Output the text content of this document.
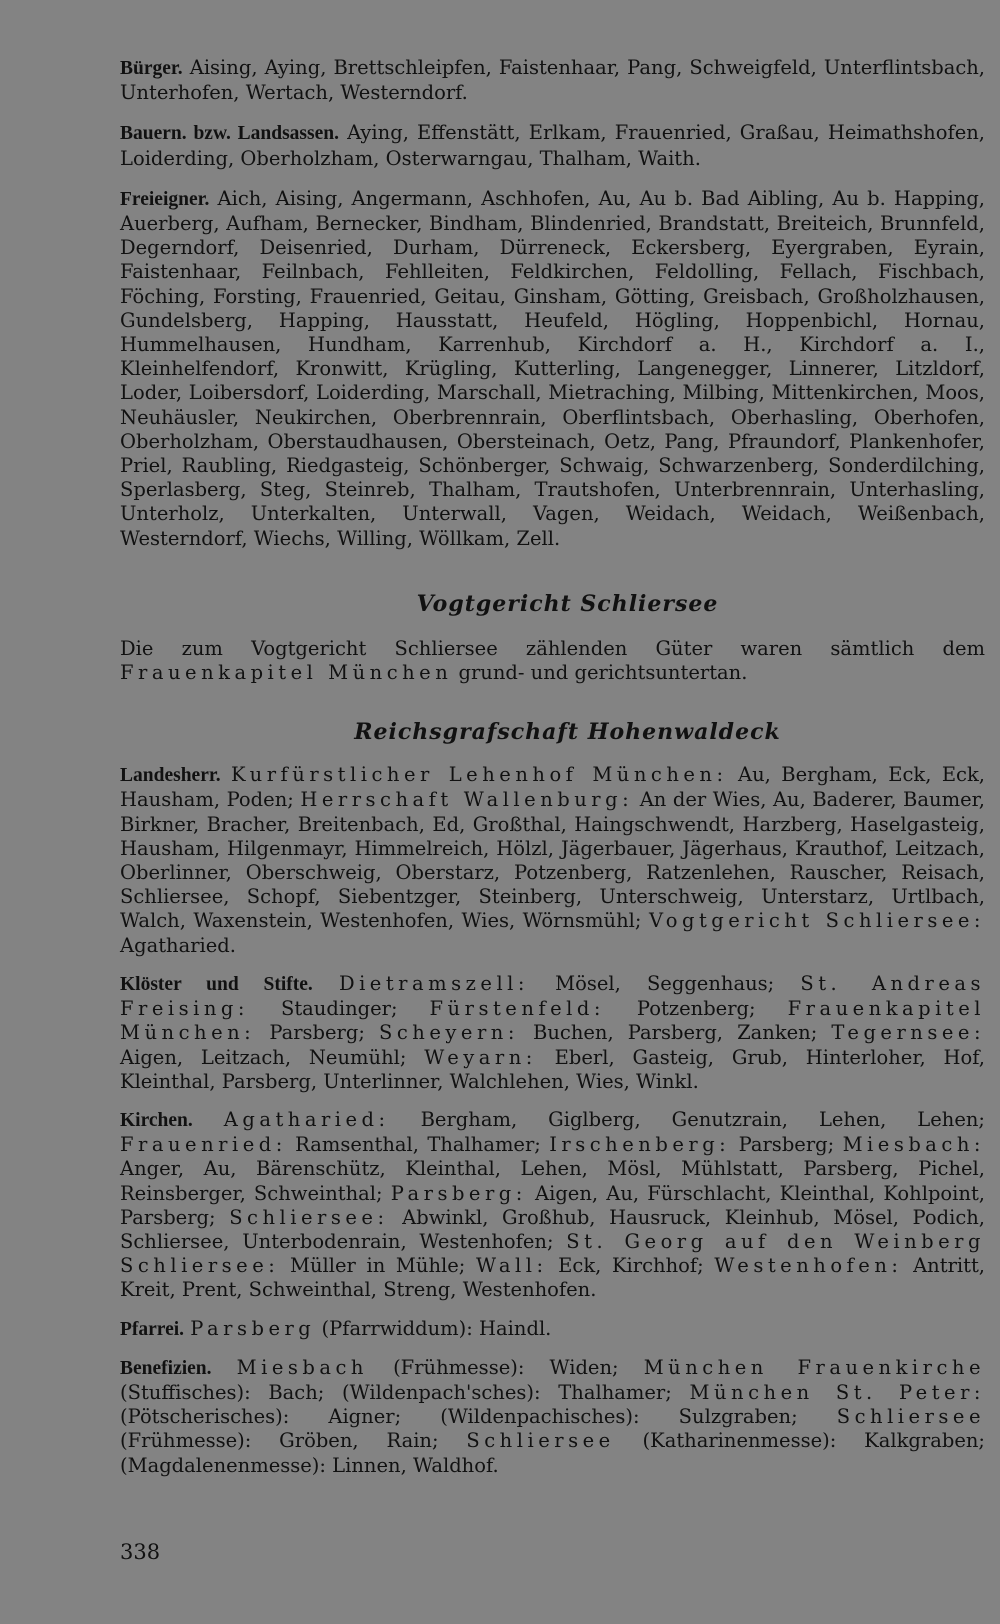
Bürger. Aising, Aying, Brettschleipfen, Faistenhaar, Pang, Schweigfeld, Unterflintsbach, Unterhofen, Wertach, Westerndorf.

Bauern. bzw. Landsassen. Aying, Effenstätt, Erlkam, Frauenried, Graßau, Heimathshofen, Loiderding, Oberholzham, Osterwarngau, Thalham, Waith.

Freieigner. Aich, Aising, Angermann, Aschhofen, Au, Au b. Bad Aibling, Au b. Happing, Auerberg, Aufham, Bernecker, Bindham, Blindenried, Brandstatt, Breiteich, Brunnfeld, Degerndorf, Deisenried, Durham, Dürreneck, Eckersberg, Eyergraben, Eyrain, Faistenhaar, Feilnbach, Fehlleiten, Feldkirchen, Feldolling, Fellach, Fischbach, Föching, Forsting, Frauenried, Geitau, Ginsham, Götting, Greisbach, Großholzhausen, Gundelsberg, Happing, Hausstatt, Heufeld, Högling, Hoppenbichl, Hornau, Hummelhausen, Hundham, Karrenhub, Kirchdorf a. H., Kirchdorf a. I., Kleinhelfendorf, Kronwitt, Krügling, Kutterling, Langenegger, Linnerer, Litzldorf, Loder, Loibersdorf, Loiderding, Marschall, Mietraching, Milbing, Mittenkirchen, Moos, Neuhäusler, Neukirchen, Oberbrennrain, Oberflintsbach, Oberhasling, Oberhofen, Oberholzham, Oberstaudhausen, Obersteinach, Oetz, Pang, Pfraundorf, Plankenhofer, Priel, Raubling, Riedgasteig, Schönberger, Schwaig, Schwarzenberg, Sonderdilching, Sperlasberg, Steg, Steinreb, Thalham, Trautshofen, Unterbrennrain, Unterhasling, Unterholz, Unterkalten, Unterwall, Vagen, Weidach, Weidach, Weißenbach, Westerndorf, Wiechs, Willing, Wöllkam, Zell.

Vogtgericht Schliersee

Die zum Vogtgericht Schliersee zählenden Güter waren sämtlich dem Frauenkapitel München grund- und gerichtsuntertan.

Reichsgrafschaft Hohenwaldeck

Landesherr. Kurfürstlicher Lehenhof München: Au, Bergham, Eck, Eck, Hausham, Poden; Herrschaft Wallenburg: An der Wies, Au, Baderer, Baumer, Birkner, Bracher, Breitenbach, Ed, Großthal, Haingschwendt, Harzberg, Haselgasteig, Hausham, Hilgenmayr, Himmelreich, Hölzl, Jägerbauer, Jägerhaus, Krauthof, Leitzach, Oberlinner, Oberschweig, Oberstarz, Potzenberg, Ratzenlehen, Rauscher, Reisach, Schliersee, Schopf, Siebentzger, Steinberg, Unterschweig, Unterstarz, Urtlbach, Walch, Waxenstein, Westenhofen, Wies, Wörnsmühl; Vogtgericht Schliersee: Agatharied.

Klöster und Stifte. Dietramszell: Mösel, Seggenhaus; St. Andreas Freising: Staudinger; Fürstenfeld: Potzenberg; Frauenkapitel München: Parsberg; Scheyern: Buchen, Parsberg, Zanken; Tegernsee: Aigen, Leitzach, Neumühl; Weyarn: Eberl, Gasteig, Grub, Hinterloher, Hof, Kleinthal, Parsberg, Unterlinner, Walchlehen, Wies, Winkl.

Kirchen. Agatharied: Bergham, Giglberg, Genutzrain, Lehen, Lehen; Frauenried: Ramsenthal, Thalhamer; Irschenberg: Parsberg; Miesbach: Anger, Au, Bärenschütz, Kleinthal, Lehen, Mösl, Mühlstatt, Parsberg, Pichel, Reinsberger, Schweinthal; Parsberg: Aigen, Au, Fürschlacht, Kleinthal, Kohlpoint, Parsberg; Schliersee: Abwinkl, Großhub, Hausruck, Kleinhub, Mösel, Podich, Schliersee, Unterbodenrain, Westenhofen; St. Georg auf den Weinberg Schliersee: Müller in Mühle; Wall: Eck, Kirchhof; Westenhofen: Antritt, Kreit, Prent, Schweinthal, Streng, Westenhofen.

Pfarrei. Parsberg (Pfarrwiddum): Haindl.

Benefizien. Miesbach (Frühmesse): Widen; München Frauenkirche (Stuffisches): Bach; (Wildenpach'sches): Thalhamer; München St. Peter: (Pötscherisches): Aigner; (Wildenpachisches): Sulzgraben; Schliersee (Frühmesse): Gröben, Rain; Schliersee (Katharinenmesse): Kalkgraben; (Magdalenenmesse): Linnen, Waldhof.

338
